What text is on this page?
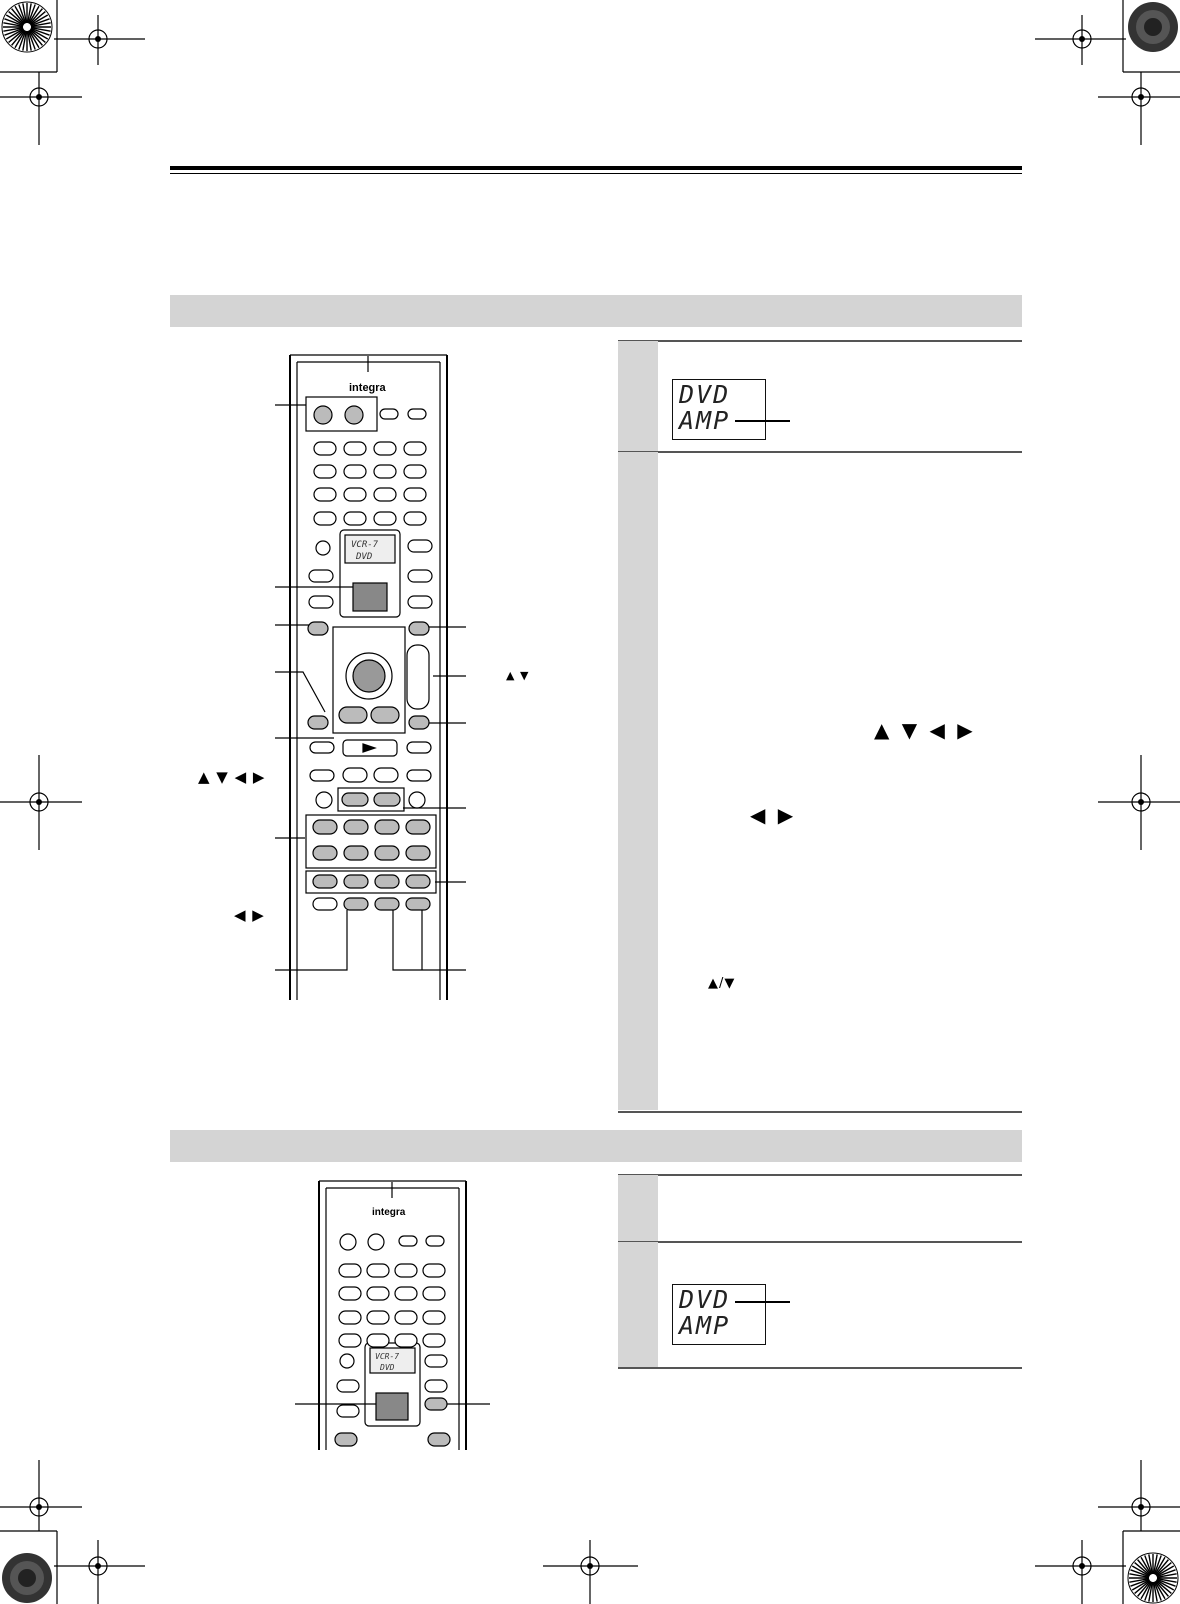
DVD
AMP
▲ ▼ ◀ ▶
◀ ▶
▲/▼
DVD
AMP
▲ ▼ ◀ ▶
◀ ▶
▲ ▼
integra
VCR-7
DVD
integra
VCR-7
DVD
